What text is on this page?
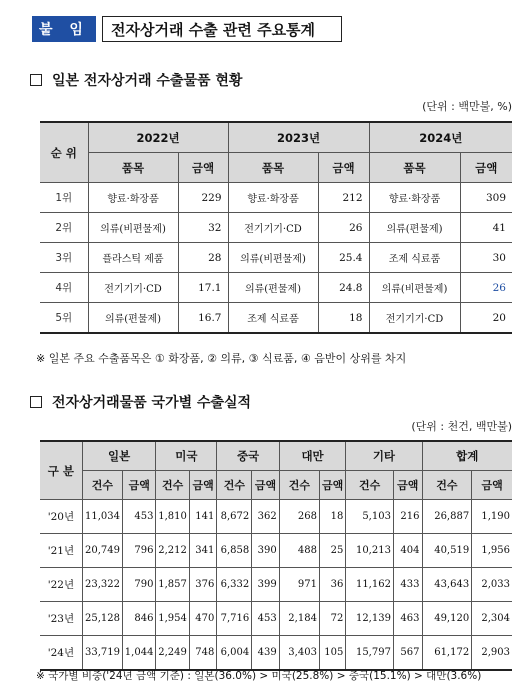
붙 임	전자상거래 수출 관련 주요통계
일본 전자상거래 수출물품 현황
(단위 : 백만불, %)
순 위	2022년		2023년		2024년	
	품목	금액	품목	금액	품목	금액
1위	향료·화장품	229	향료·화장품	212	향료·화장품	309
2위	의류(비편물제)	32	전기기기·CD	26	의류(편물제)	41
3위	플라스틱 제품	28	의류(비편물제)	25.4	조제 식료품	30
4위	전기기기·CD	17.1	의류(편물제)	24.8	의류(비편물제)	26
5위	의류(편물제)	16.7	조제 식료품	18	전기기기·CD	20
※ 일본 주요 수출품목은 ① 화장품, ② 의류, ③ 식료품, ④ 음반이 상위를 차지
전자상거래물품 국가별 수출실적
(단위 : 천건, 백만불)
구 분	일본		미국		중국		대만		기타		합계	
	건수	금액	건수	금액	건수	금액	건수	금액	건수	금액	건수	금액
'20년	11,034	453	1,810	141	8,672	362	268	18	5,103	216	26,887	1,190
'21년	20,749	796	2,212	341	6,858	390	488	25	10,213	404	40,519	1,956
'22년	23,322	790	1,857	376	6,332	399	971	36	11,162	433	43,643	2,033
'23년	25,128	846	1,954	470	7,716	453	2,184	72	12,139	463	49,120	2,304
'24년	33,719	1,044	2,249	748	6,004	439	3,403	105	15,797	567	61,172	2,903
※ 국가별 비중('24년 금액 기준) : 일본(36.0%) > 미국(25.8%) > 중국(15.1%) > 대만(3.6%)
